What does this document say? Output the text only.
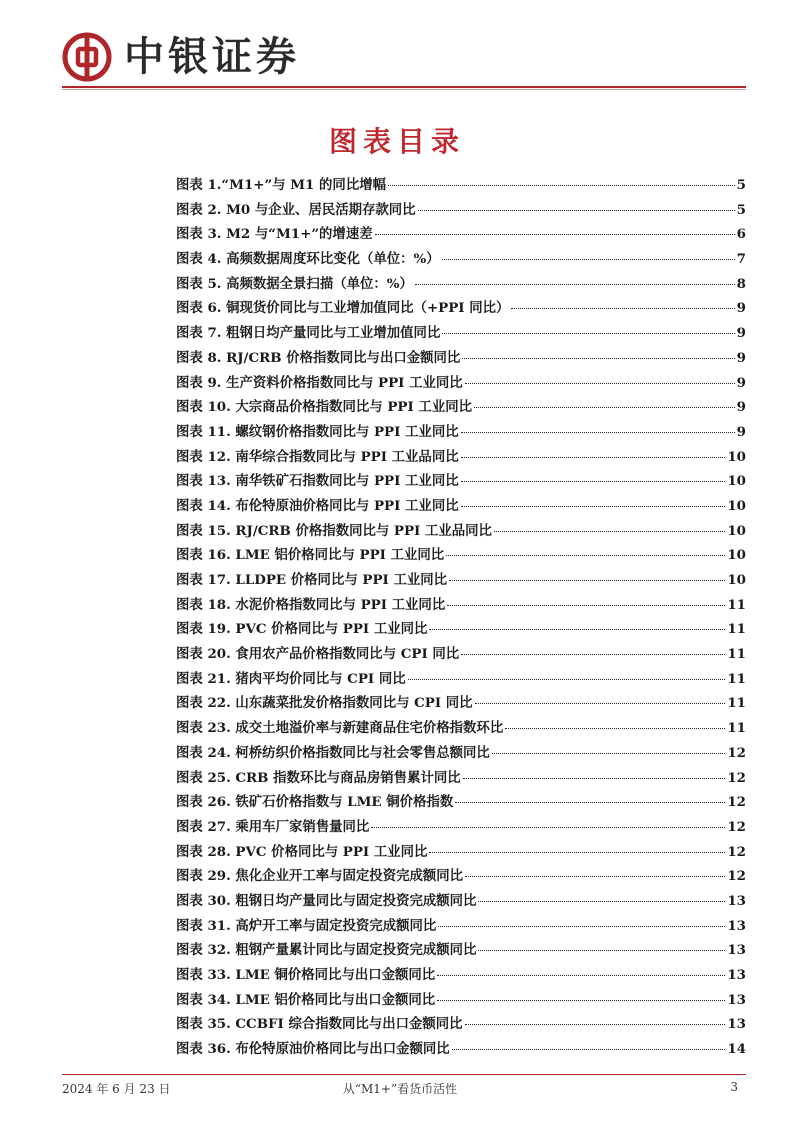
中银证券
图表目录
图表 1.“M1+”与 M1 的同比增幅	5
图表 2. M0 与企业、居民活期存款同比	5
图表 3. M2 与“M1+”的增速差	6
图表 4. 高频数据周度环比变化（单位：%）	7
图表 5. 高频数据全景扫描（单位：%）	8
图表 6. 铜现货价同比与工业增加值同比（+PPI 同比）	9
图表 7. 粗钢日均产量同比与工业增加值同比	9
图表 8. RJ/CRB 价格指数同比与出口金额同比	9
图表 9. 生产资料价格指数同比与 PPI 工业同比	9
图表 10. 大宗商品价格指数同比与 PPI 工业同比	9
图表 11. 螺纹钢价格指数同比与 PPI 工业同比	9
图表 12. 南华综合指数同比与 PPI 工业品同比	10
图表 13. 南华铁矿石指数同比与 PPI 工业同比	10
图表 14. 布伦特原油价格同比与 PPI 工业同比	10
图表 15. RJ/CRB 价格指数同比与 PPI 工业品同比	10
图表 16. LME 铝价格同比与 PPI 工业同比	10
图表 17. LLDPE 价格同比与 PPI 工业同比	10
图表 18. 水泥价格指数同比与 PPI 工业同比	11
图表 19. PVC 价格同比与 PPI 工业同比	11
图表 20. 食用农产品价格指数同比与 CPI 同比	11
图表 21. 猪肉平均价同比与 CPI 同比	11
图表 22. 山东蔬菜批发价格指数同比与 CPI 同比	11
图表 23. 成交土地溢价率与新建商品住宅价格指数环比	11
图表 24. 柯桥纺织价格指数同比与社会零售总额同比	12
图表 25. CRB 指数环比与商品房销售累计同比	12
图表 26. 铁矿石价格指数与 LME 铜价格指数	12
图表 27. 乘用车厂家销售量同比	12
图表 28. PVC 价格同比与 PPI 工业同比	12
图表 29. 焦化企业开工率与固定投资完成额同比	12
图表 30. 粗钢日均产量同比与固定投资完成额同比	13
图表 31. 高炉开工率与固定投资完成额同比	13
图表 32. 粗钢产量累计同比与固定投资完成额同比	13
图表 33. LME 铜价格同比与出口金额同比	13
图表 34. LME 铝价格同比与出口金额同比	13
图表 35. CCBFI 综合指数同比与出口金额同比	13
图表 36. 布伦特原油价格同比与出口金额同比	14
2024 年 6 月 23 日	从“M1+”看货币活性	3
